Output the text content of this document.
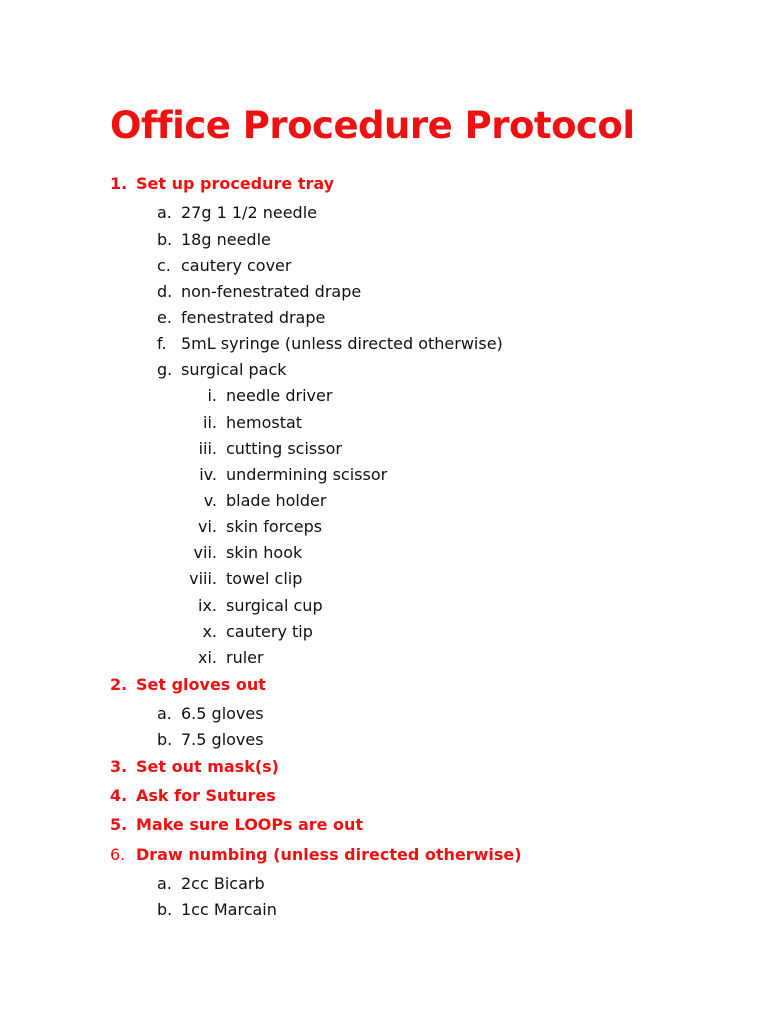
Office Procedure Protocol
1. Set up procedure tray
a. 27g 1 1/2 needle
b. 18g needle
c. cautery cover
d. non-fenestrated drape
e. fenestrated drape
f. 5mL syringe (unless directed otherwise)
g. surgical pack
i. needle driver
ii. hemostat
iii. cutting scissor
iv. undermining scissor
v. blade holder
vi. skin forceps
vii. skin hook
viii. towel clip
ix. surgical cup
x. cautery tip
xi. ruler
2. Set gloves out
a. 6.5 gloves
b. 7.5 gloves
3. Set out mask(s)
4. Ask for Sutures
5. Make sure LOOPs are out
6. Draw numbing (unless directed otherwise)
a. 2cc Bicarb
b. 1cc Marcain
